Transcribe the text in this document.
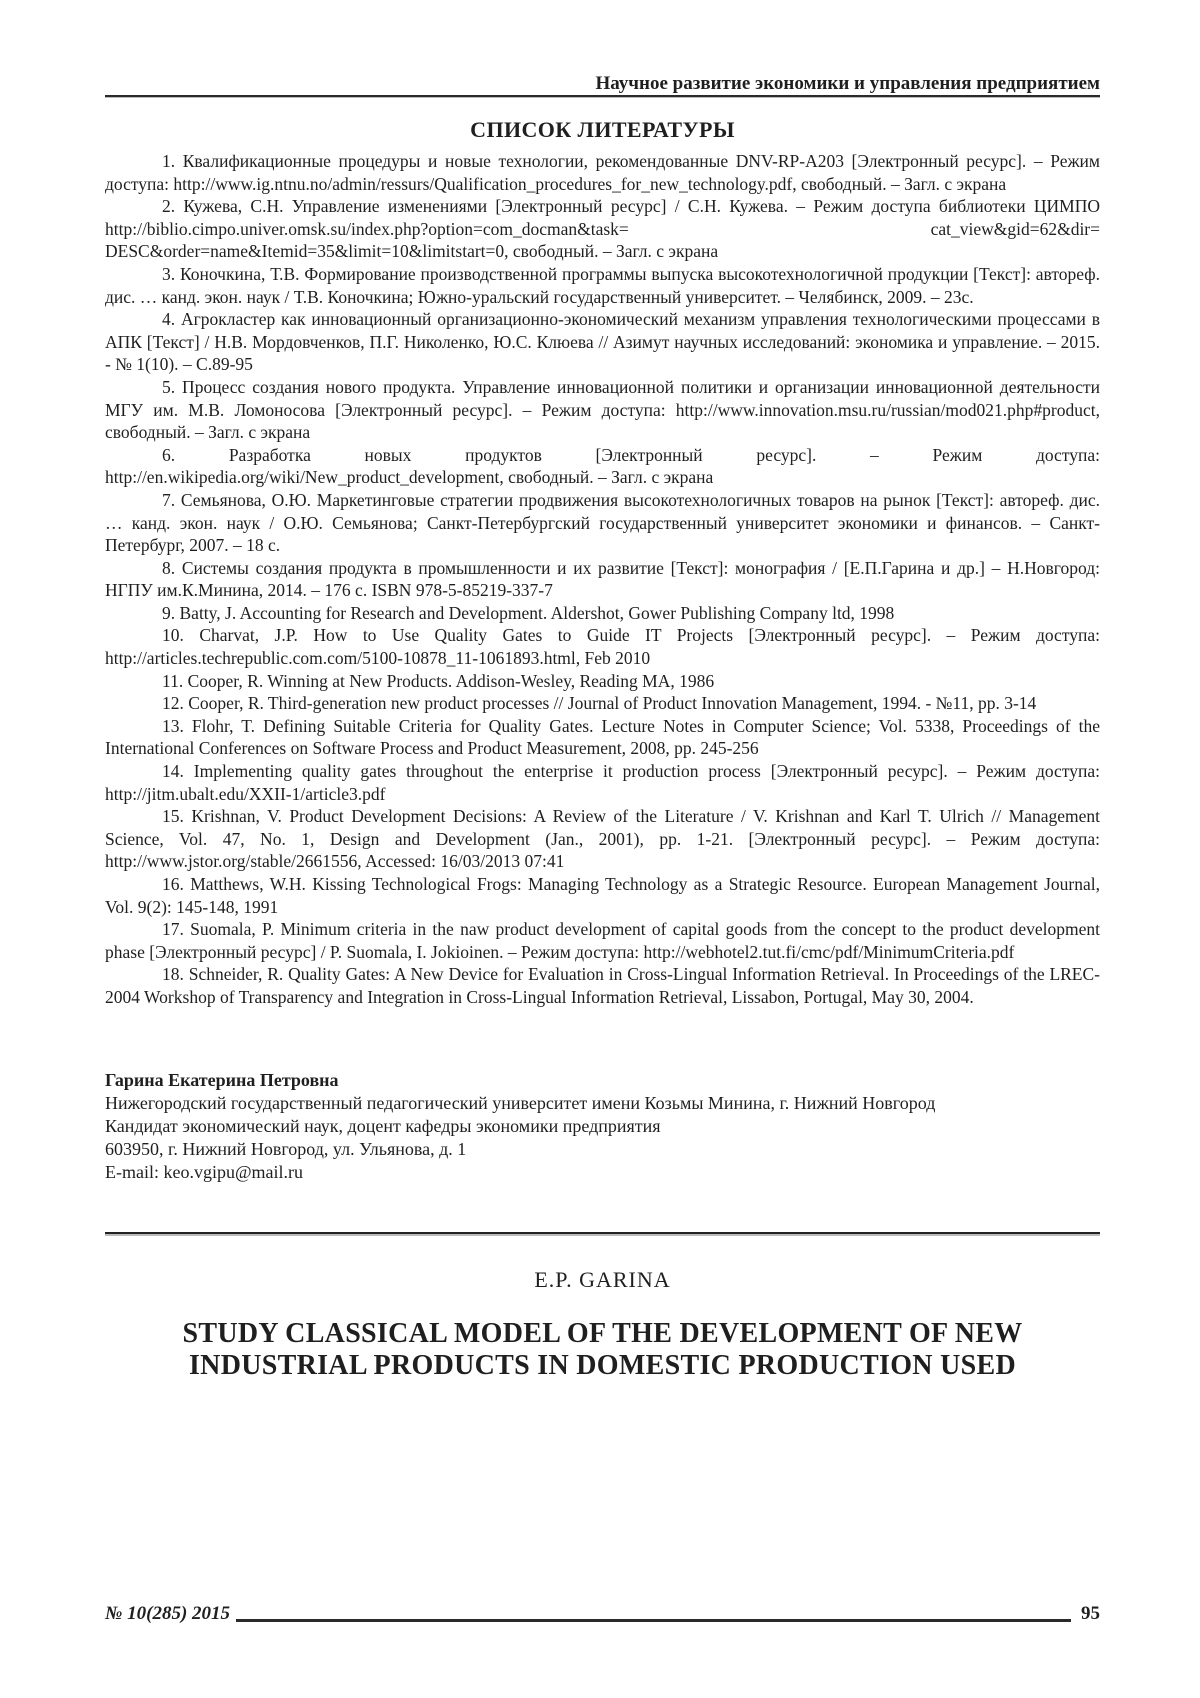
Научное развитие экономики и управления предприятием
СПИСОК ЛИТЕРАТУРЫ

1. Квалификационные процедуры и новые технологии, рекомендованные DNV-RP-A203 [Электронный ресурс]. – Режим доступа: http://www.ig.ntnu.no/admin/ressurs/Qualification_procedures_for_new_technology.pdf, свободный. – Загл. с экрана

2. Кужева, С.Н. Управление изменениями [Электронный ресурс] / С.Н. Кужева. – Режим доступа библиотеки ЦИМПО http://biblio.cimpo.univer.omsk.su/index.php?option=com_docman&task= cat_view&gid=62&dir= DESC&order=name&Itemid=35&limit=10&limitstart=0, свободный. – Загл. с экрана

3. Коночкина, Т.В. Формирование производственной программы выпуска высокотехнологичной продукции [Текст]: автореф. дис. … канд. экон. наук / Т.В. Коночкина; Южно-уральский государственный университет. – Челябинск, 2009. – 23с.

4. Агрокластер как инновационный организационно-экономический механизм управления технологическими процессами в АПК [Текст] / Н.В. Мордовченков, П.Г. Николенко, Ю.С. Клюева // Азимут научных исследований: экономика и управление. – 2015. - № 1(10). – С.89-95

5. Процесс создания нового продукта. Управление инновационной политики и организации инновационной деятельности МГУ им. М.В. Ломоносова [Электронный ресурс]. – Режим доступа: http://www.innovation.msu.ru/russian/mod021.php#product, свободный. – Загл. с экрана

6. Разработка новых продуктов [Электронный ресурс]. – Режим доступа: http://en.wikipedia.org/wiki/New_product_development, свободный. – Загл. с экрана

7. Семьянова, О.Ю. Маркетинговые стратегии продвижения высокотехнологичных товаров на рынок [Текст]: автореф. дис. … канд. экон. наук / О.Ю. Семьянова; Санкт-Петербургский государственный университет экономики и финансов. – Санкт-Петербург, 2007. – 18 с.

8. Системы создания продукта в промышленности и их развитие [Текст]: монография / [Е.П.Гарина и др.] – Н.Новгород: НГПУ им.К.Минина, 2014. – 176 с. ISBN 978-5-85219-337-7

9. Batty, J. Accounting for Research and Development. Aldershot, Gower Publishing Company ltd, 1998

10. Charvat, J.P. How to Use Quality Gates to Guide IT Projects [Электронный ресурс]. – Режим доступа: http://articles.techrepublic.com.com/5100-10878_11-1061893.html, Feb 2010

11. Cooper, R. Winning at New Products. Addison-Wesley, Reading MA, 1986

12. Cooper, R. Third-generation new product processes // Journal of Product Innovation Management, 1994. - №11, pp. 3-14

13. Flohr, T. Defining Suitable Criteria for Quality Gates. Lecture Notes in Computer Science; Vol. 5338, Proceedings of the International Conferences on Software Process and Product Measurement, 2008, pp. 245-256

14. Implementing quality gates throughout the enterprise it production process [Электронный ресурс]. – Режим доступа: http://jitm.ubalt.edu/XXII-1/article3.pdf

15. Krishnan, V. Product Development Decisions: A Review of the Literature / V. Krishnan and Karl T. Ulrich // Management Science, Vol. 47, No. 1, Design and Development (Jan., 2001), pp. 1-21. [Электронный ресурс]. – Режим доступа: http://www.jstor.org/stable/2661556, Accessed: 16/03/2013 07:41

16. Matthews, W.H. Kissing Technological Frogs: Managing Technology as a Strategic Resource. European Management Journal, Vol. 9(2): 145-148, 1991

17. Suomala, P. Minimum criteria in the naw product development of capital goods from the concept to the product development phase [Электронный ресурс] / P. Suomala, I. Jokioinen. – Режим доступа: http://webhotel2.tut.fi/cmc/pdf/MinimumCriteria.pdf

18. Schneider, R. Quality Gates: A New Device for Evaluation in Cross-Lingual Information Retrieval. In Proceedings of the LREC-2004 Workshop of Transparency and Integration in Cross-Lingual Information Retrieval, Lissabon, Portugal, May 30, 2004.

Гарина Екатерина Петровна
Нижегородский государственный педагогический университет имени Козьмы Минина, г. Нижний Новгород
Кандидат экономический наук, доцент кафедры экономики предприятия
603950, г. Нижний Новгород, ул. Ульянова, д. 1
E-mail: keo.vgipu@mail.ru
E.P. GARINA
STUDY CLASSICAL MODEL OF THE DEVELOPMENT OF NEW
INDUSTRIAL PRODUCTS IN DOMESTIC PRODUCTION USED
№ 10(285) 2015	95
